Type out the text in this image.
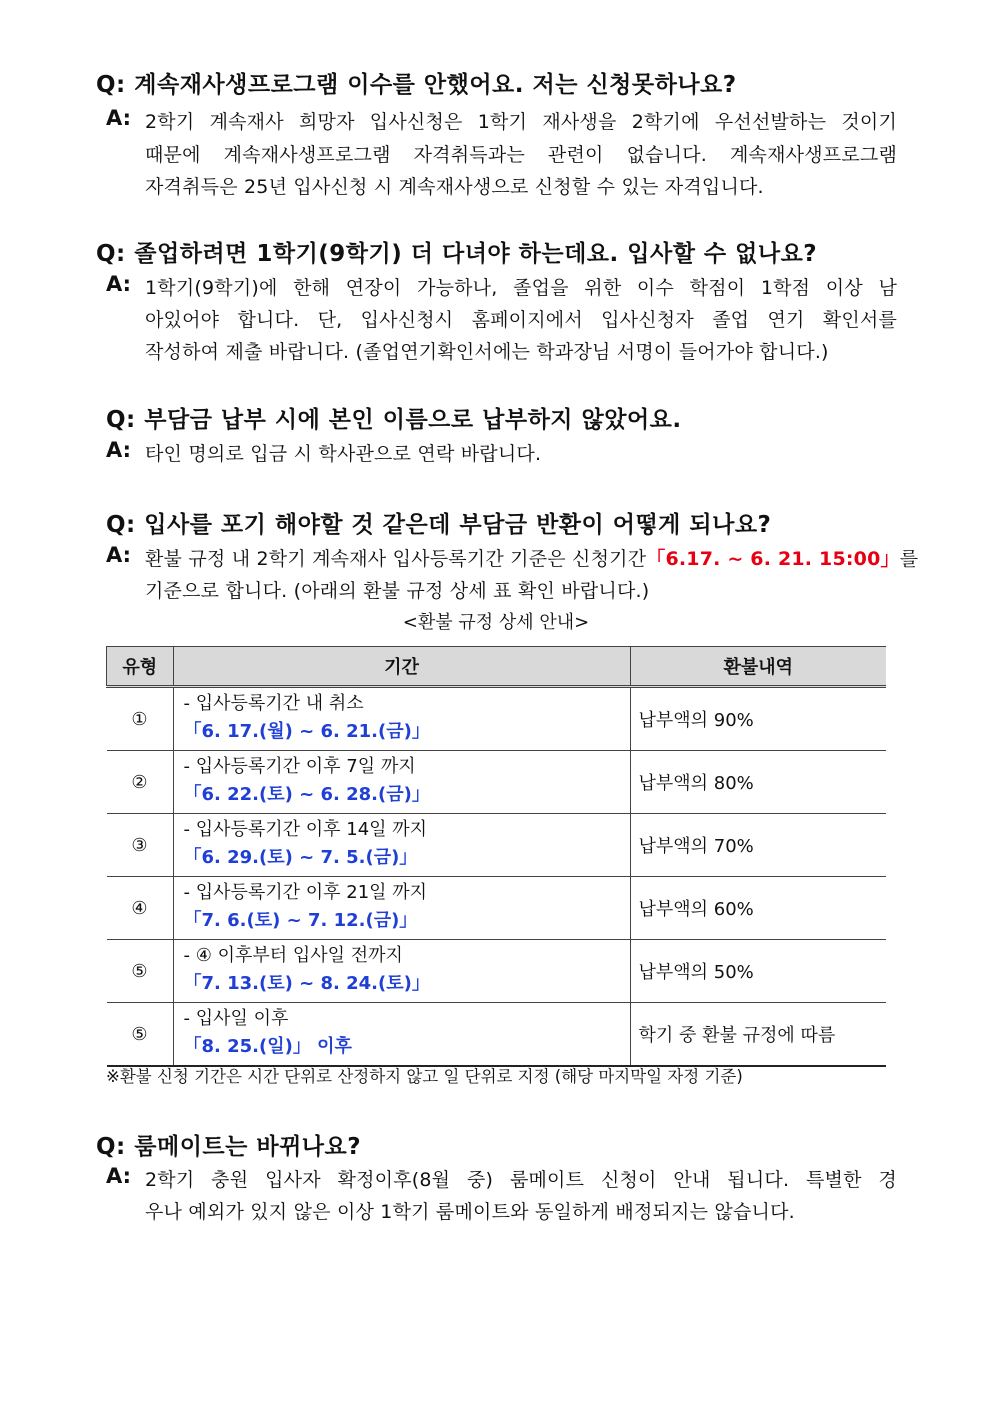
Q: 계속재사생프로그램 이수를 안했어요. 저는 신청못하나요?
A: 2학기 계속재사 희망자 입사신청은 1학기 재사생을 2학기에 우선선발하는 것이기
때문에 계속재사생프로그램 자격취득과는 관련이 없습니다. 계속재사생프로그램
자격취득은 25년 입사신청 시 계속재사생으로 신청할 수 있는 자격입니다.
Q: 졸업하려면 1학기(9학기) 더 다녀야 하는데요. 입사할 수 없나요?
A: 1학기(9학기)에 한해 연장이 가능하나, 졸업을 위한 이수 학점이 1학점 이상 남
아있어야 합니다. 단, 입사신청시 홈페이지에서 입사신청자 졸업 연기 확인서를
작성하여 제출 바랍니다. (졸업연기확인서에는 학과장님 서명이 들어가야 합니다.)
Q: 부담금 납부 시에 본인 이름으로 납부하지 않았어요.
A: 타인 명의로 입금 시 학사관으로 연락 바랍니다.
Q: 입사를 포기 해야할 것 같은데 부담금 반환이 어떻게 되나요?
A: 환불 규정 내 2학기 계속재사 입사등록기간 기준은 신청기간「6.17. ~ 6. 21. 15:00」를
기준으로 합니다. (아래의 환불 규정 상세 표 확인 바랍니다.)
<환불 규정 상세 안내>
유형	기간	환불내역
①	- 입사등록기간 내 취소
「6. 17.(월) ~ 6. 21.(금)」	납부액의 90%
②	- 입사등록기간 이후 7일 까지
「6. 22.(토) ~ 6. 28.(금)」	납부액의 80%
③	- 입사등록기간 이후 14일 까지
「6. 29.(토) ~ 7. 5.(금)」	납부액의 70%
④	- 입사등록기간 이후 21일 까지
「7. 6.(토) ~ 7. 12.(금)」	납부액의 60%
⑤	- ④ 이후부터 입사일 전까지
「7. 13.(토) ~ 8. 24.(토)」	납부액의 50%
⑤	- 입사일 이후
「8. 25.(일)」 이후	학기 중 환불 규정에 따름
※환불 신청 기간은 시간 단위로 산정하지 않고 일 단위로 지정 (해당 마지막일 자정 기준)
Q: 룸메이트는 바뀌나요?
A: 2학기 충원 입사자 확정이후(8월 중) 룸메이트 신청이 안내 됩니다. 특별한 경
우나 예외가 있지 않은 이상 1학기 룸메이트와 동일하게 배정되지는 않습니다.
